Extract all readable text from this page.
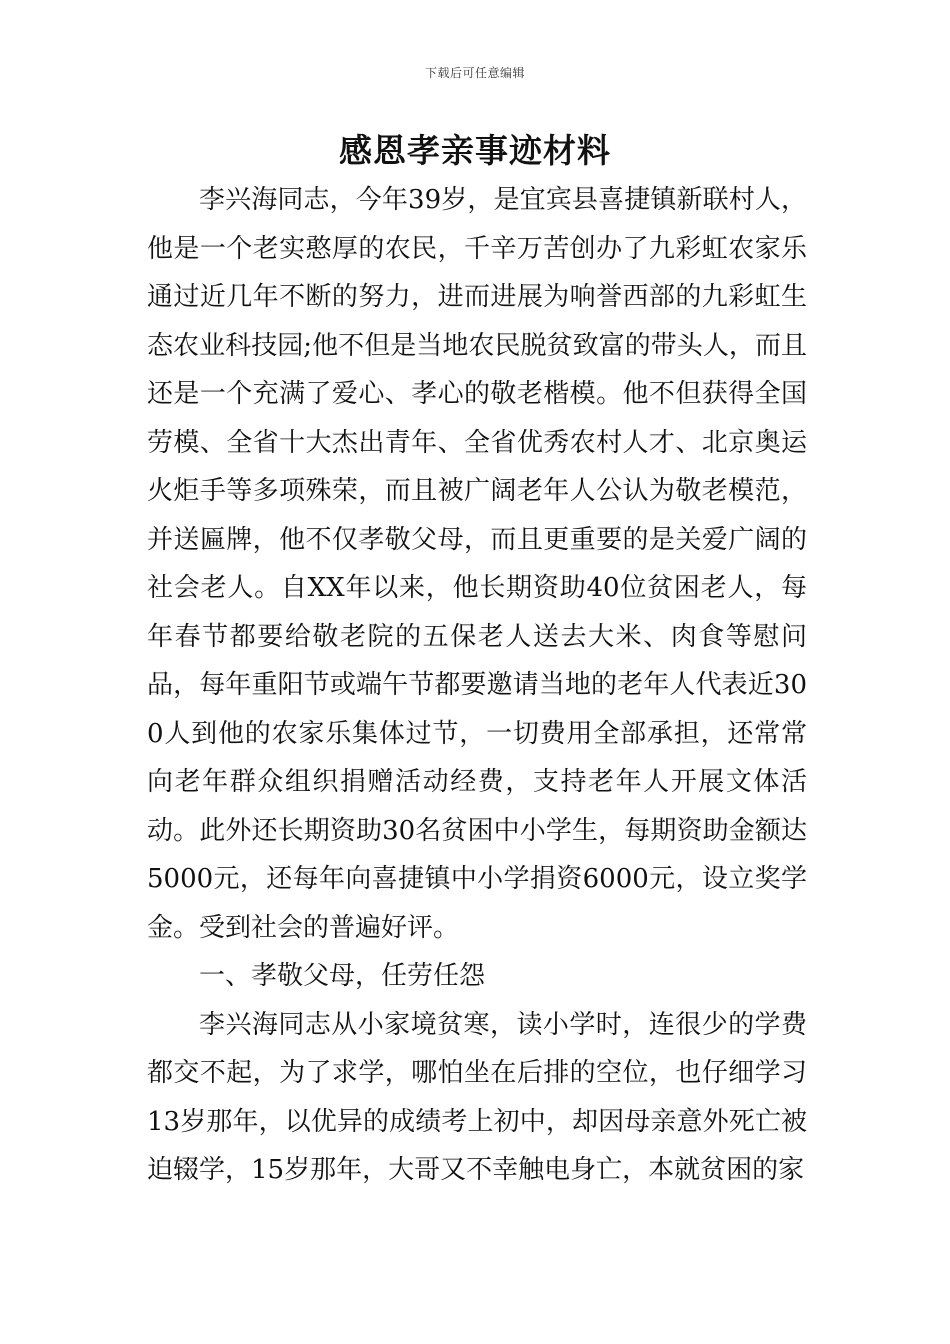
下载后可任意编辑
感恩孝亲事迹材料

李兴海同志，今年39岁，是宜宾县喜捷镇新联村人，他是一个老实憨厚的农民，千辛万苦创办了九彩虹农家乐通过近几年不断的努力，进而进展为响誉西部的九彩虹生态农业科技园;他不但是当地农民脱贫致富的带头人，而且还是一个充满了爱心、孝心的敬老楷模。他不但获得全国劳模、全省十大杰出青年、全省优秀农村人才、北京奥运火炬手等多项殊荣，而且被广阔老年人公认为敬老模范，并送匾牌，他不仅孝敬父母，而且更重要的是关爱广阔的社会老人。自XX年以来，他长期资助40位贫困老人，每年春节都要给敬老院的五保老人送去大米、肉食等慰问品，每年重阳节或端午节都要邀请当地的老年人代表近300人到他的农家乐集体过节，一切费用全部承担，还常常向老年群众组织捐赠活动经费，支持老年人开展文体活动。此外还长期资助30名贫困中小学生，每期资助金额达5000元，还每年向喜捷镇中小学捐资6000元，设立奖学金。受到社会的普遍好评。

一、孝敬父母，任劳任怨

李兴海同志从小家境贫寒，读小学时，连很少的学费都交不起，为了求学，哪怕坐在后排的空位，也仔细学习13岁那年，以优异的成绩考上初中，却因母亲意外死亡被迫辍学，15岁那年，大哥又不幸触电身亡，本就贫困的家
